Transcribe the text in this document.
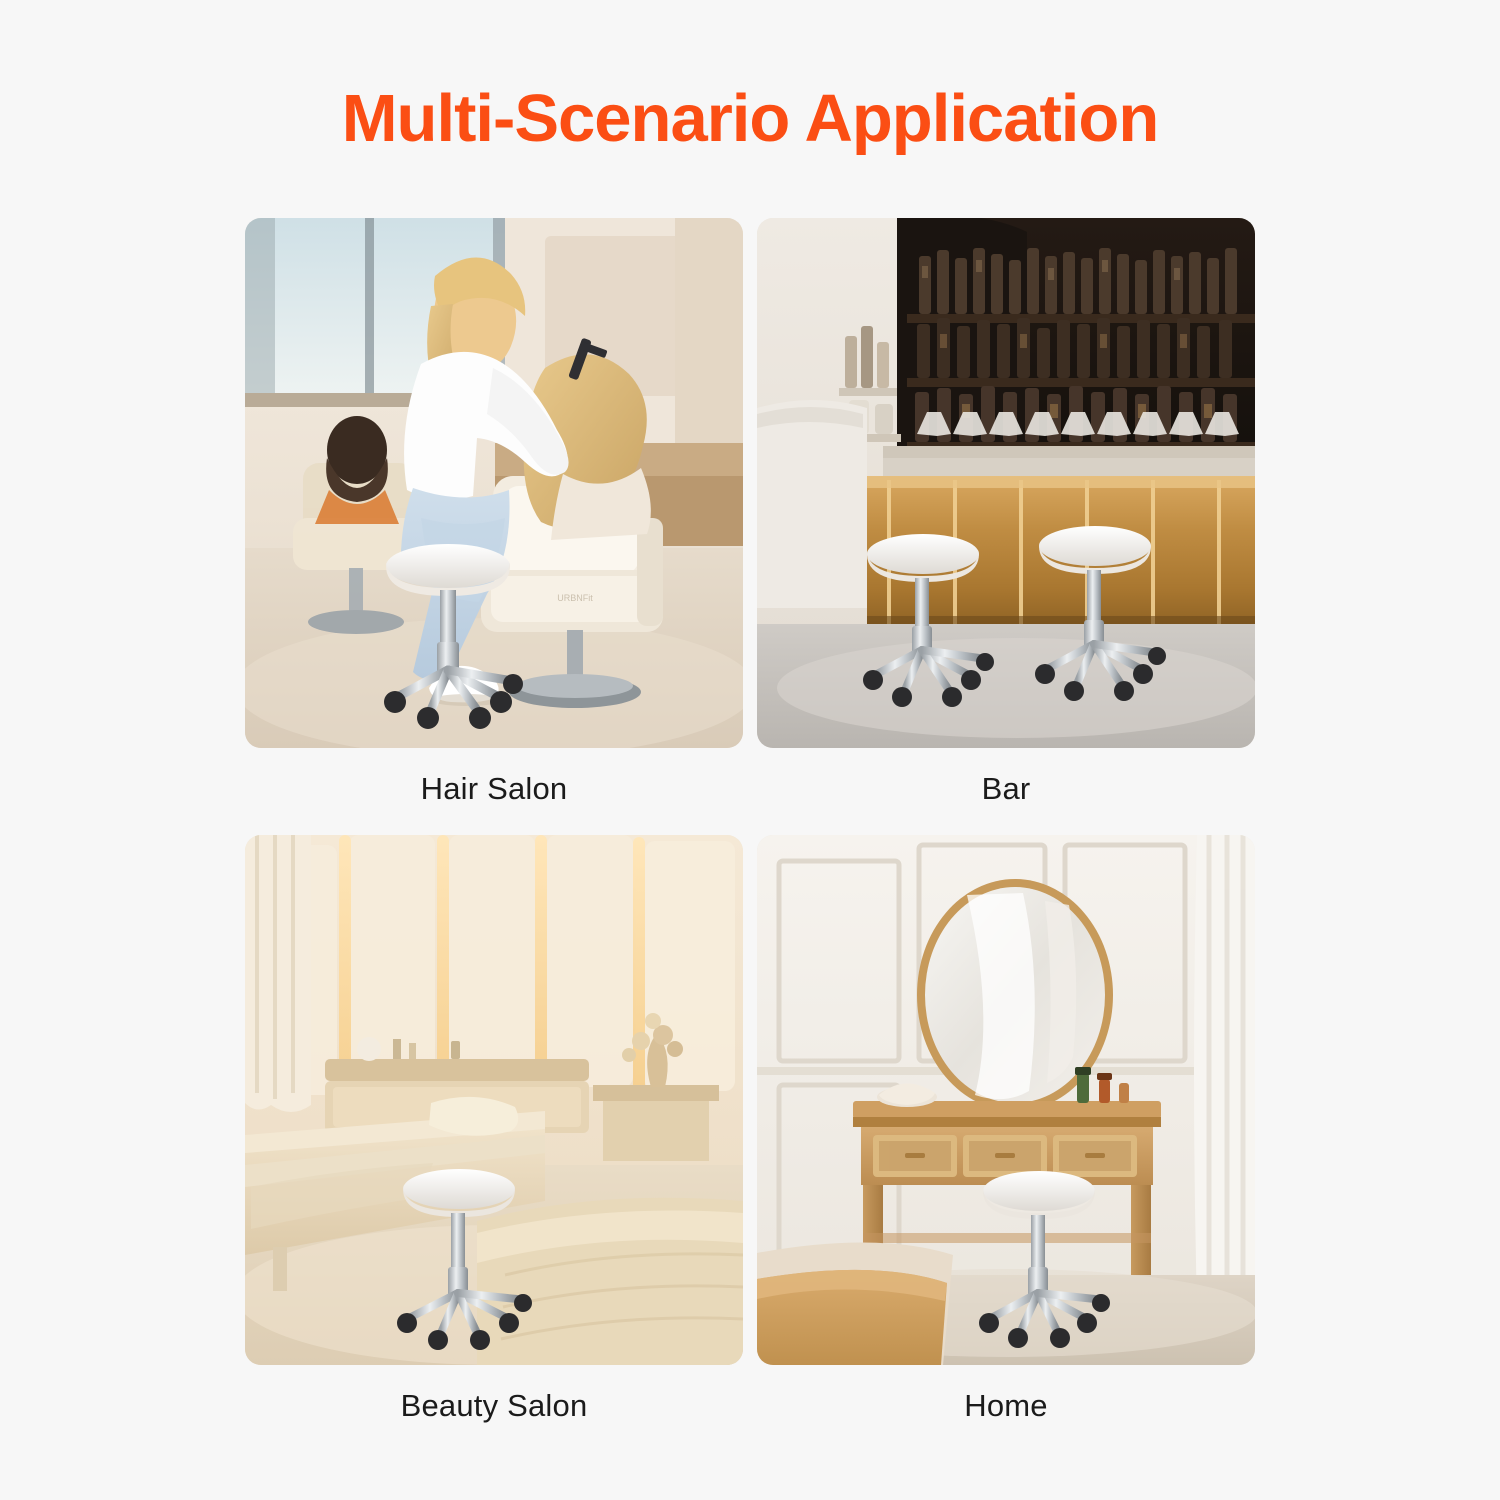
Multi-Scenario Application
URBNFit
Hair Salon	Bar
Beauty Salon	Home
